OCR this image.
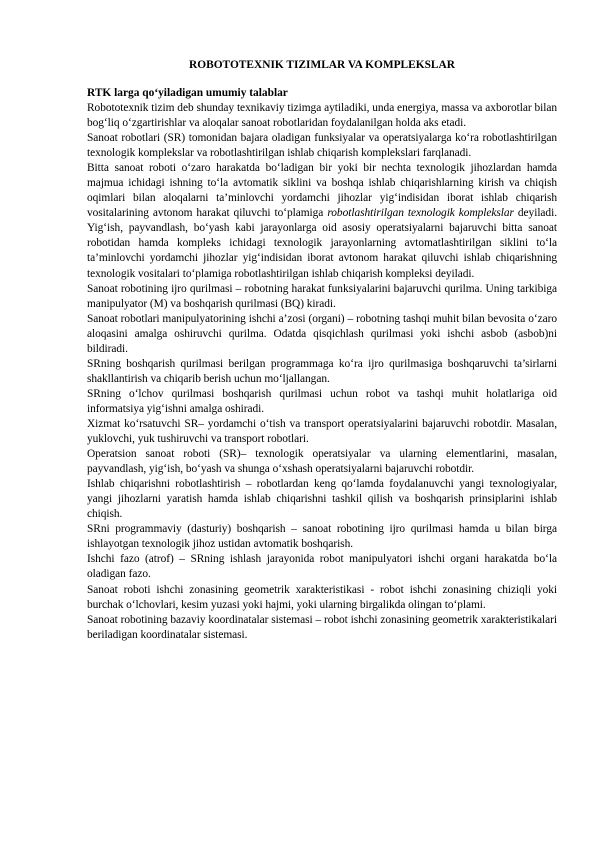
ROBOTOTEXNIK TIZIMLAR VA KOMPLEKSLAR

RTK larga qo‘yiladigan umumiy talablar

Robototexnik tizim deb shunday texnikaviy tizimga aytiladiki, unda energiya, massa va axborotlar bilan bog‘liq o‘zgartirishlar va aloqalar sanoat robotlaridan foydalanilgan holda aks etadi.

Sanoat robotlari (SR) tomonidan bajara oladigan funksiyalar va operatsiyalarga ko‘ra robotlashtirilgan texnologik komplekslar va robotlashtirilgan ishlab chiqarish komplekslari farqlanadi.

Bitta sanoat roboti o‘zaro harakatda bo‘ladigan bir yoki bir nechta texnologik jihozlardan hamda majmua ichidagi ishning to‘la avtomatik siklini va boshqa ishlab chiqarishlarning kirish va chiqish oqimlari bilan aloqalarni ta’minlovchi yordamchi jihozlar yig‘indisidan iborat ishlab chiqarish vositalarining avtonom harakat qiluvchi to‘plamiga robotlashtirilgan texnologik komplekslar deyiladi. Yig‘ish, payvandlash, bo‘yash kabi jarayonlarga oid asosiy operatsiyalarni bajaruvchi bitta sanoat robotidan hamda kompleks ichidagi texnologik jarayonlarning avtomatlashtirilgan siklini to‘la ta’minlovchi yordamchi jihozlar yig‘indisidan iborat avtonom harakat qiluvchi ishlab chiqarishning texnologik vositalari to‘plamiga robotlashtirilgan ishlab chiqarish kompleksi deyiladi.

Sanoat robotining ijro qurilmasi – robotning harakat funksiyalarini bajaruvchi qurilma. Uning tarkibiga manipulyator (M) va boshqarish qurilmasi (BQ) kiradi.

Sanoat robotlari manipulyatorining ishchi a’zosi (organi) – robotning tashqi muhit bilan bevosita o‘zaro aloqasini amalga oshiruvchi qurilma. Odatda qisqichlash qurilmasi yoki ishchi asbob (asbob)ni bildiradi.

SRning boshqarish qurilmasi berilgan programmaga ko‘ra ijro qurilmasiga boshqaruvchi ta’sirlarni shakllantirish va chiqarib berish uchun mo‘ljallangan.

SRning o‘lchov qurilmasi boshqarish qurilmasi uchun robot va tashqi muhit holatlariga oid informatsiya yig‘ishni amalga oshiradi.

Xizmat ko‘rsatuvchi SR– yordamchi o‘tish va transport operatsiyalarini bajaruvchi robotdir. Masalan, yuklovchi, yuk tushiruvchi va transport robotlari.

Operatsion sanoat roboti (SR)– texnologik operatsiyalar va ularning elementlarini, masalan, payvandlash, yig‘ish, bo‘yash va shunga o‘xshash operatsiyalarni bajaruvchi robotdir.

Ishlab chiqarishni robotlashtirish – robotlardan keng qo‘lamda foydalanuvchi yangi texnologiyalar, yangi jihozlarni yaratish hamda ishlab chiqarishni tashkil qilish va boshqarish prinsiplarini ishlab chiqish.

SRni programmaviy (dasturiy) boshqarish – sanoat robotining ijro qurilmasi hamda u bilan birga ishlayotgan texnologik jihoz ustidan avtomatik boshqarish.

Ishchi fazo (atrof) – SRning ishlash jarayonida robot manipulyatori ishchi organi harakatda bo‘la oladigan fazo.

Sanoat roboti ishchi zonasining geometrik xarakteristikasi - robot ishchi zonasining chiziqli yoki burchak o‘lchovlari, kesim yuzasi yoki hajmi, yoki ularning birgalikda olingan to‘plami.

Sanoat robotining bazaviy koordinatalar sistemasi – robot ishchi zonasining geometrik xarakteristikalari beriladigan koordinatalar sistemasi.
